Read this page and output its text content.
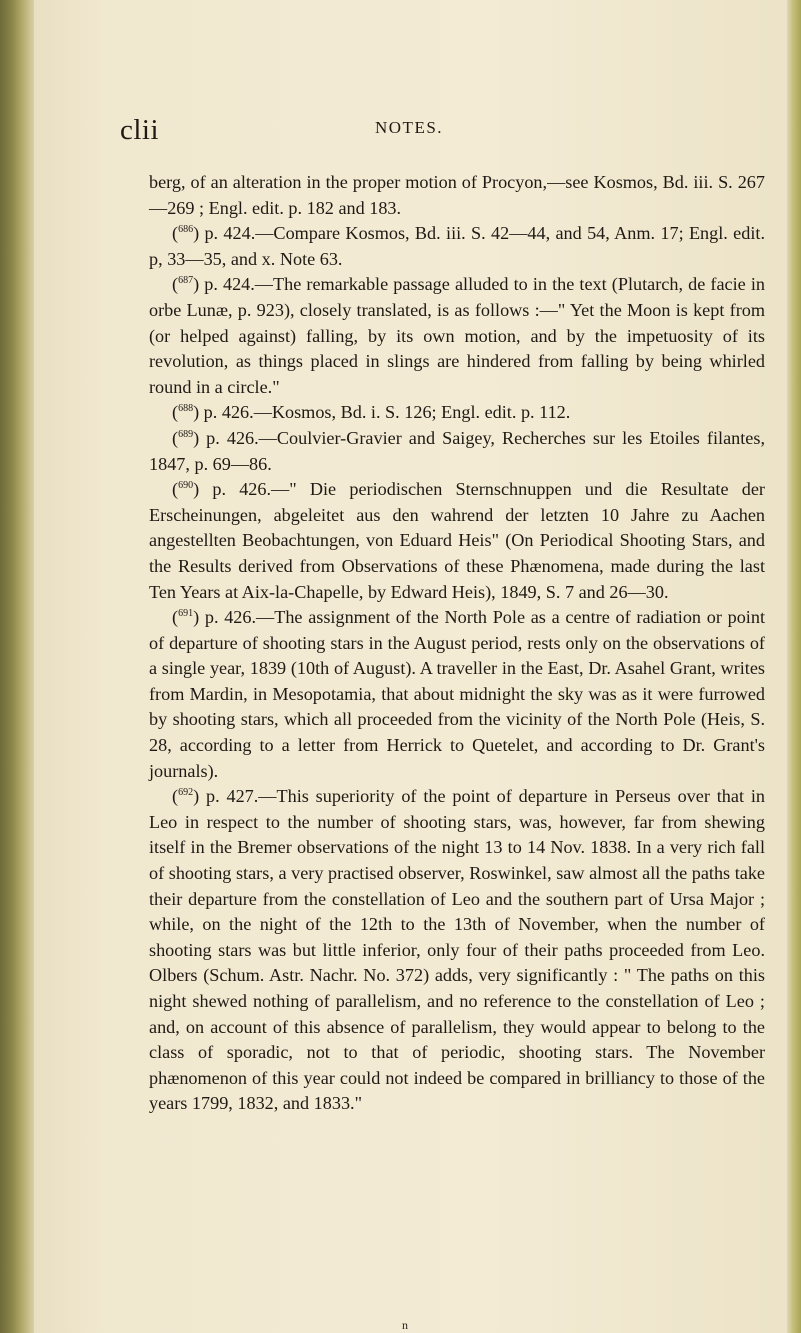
clii	NOTES.

berg, of an alteration in the proper motion of Procyon,—see Kosmos, Bd. iii. S. 267—269 ; Engl. edit. p. 182 and 183.

($^{686}$) p. 424.—Compare Kosmos, Bd. iii. S. 42—44, and 54, Anm. 17; Engl. edit. p, 33—35, and x. Note 63.

($^{687}$) p. 424.—The remarkable passage alluded to in the text (Plutarch, de facie in orbe Lunæ, p. 923), closely translated, is as follows :—" Yet the Moon is kept from (or helped against) falling, by its own motion, and by the impetuosity of its revolution, as things placed in slings are hindered from falling by being whirled round in a circle."

($^{688}$) p. 426.—Kosmos, Bd. i. S. 126; Engl. edit. p. 112.

($^{689}$) p. 426.—Coulvier-Gravier and Saigey, Recherches sur les Etoiles filantes, 1847, p. 69—86.

($^{690}$) p. 426.—" Die periodischen Sternschnuppen und die Resultate der Erscheinungen, abgeleitet aus den wahrend der letzten 10 Jahre zu Aachen angestellten Beobachtungen, von Eduard Heis" (On Periodical Shooting Stars, and the Results derived from Observations of these Phænomena, made during the last Ten Years at Aix-la-Chapelle, by Edward Heis), 1849, S. 7 and 26—30.

($^{691}$) p. 426.—The assignment of the North Pole as a centre of radiation or point of departure of shooting stars in the August period, rests only on the observations of a single year, 1839 (10th of August). A traveller in the East, Dr. Asahel Grant, writes from Mardin, in Mesopotamia, that about midnight the sky was as it were furrowed by shooting stars, which all proceeded from the vicinity of the North Pole (Heis, S. 28, according to a letter from Herrick to Quetelet, and according to Dr. Grant's journals).

($^{692}$) p. 427.—This superiority of the point of departure in Perseus over that in Leo in respect to the number of shooting stars, was, however, far from shewing itself in the Bremer observations of the night 13 to 14 Nov. 1838. In a very rich fall of shooting stars, a very practised observer, Roswinkel, saw almost all the paths take their departure from the constellation of Leo and the southern part of Ursa Major ; while, on the night of the 12th to the 13th of November, when the number of shooting stars was but little inferior, only four of their paths proceeded from Leo. Olbers (Schum. Astr. Nachr. No. 372) adds, very significantly : " The paths on this night shewed nothing of parallelism, and no reference to the constellation of Leo ; and, on account of this absence of parallelism, they would appear to belong to the class of sporadic, not to that of periodic, shooting stars. The November phænomenon of this year could not indeed be compared in brilliancy to those of the years 1799, 1832, and 1833."

n
